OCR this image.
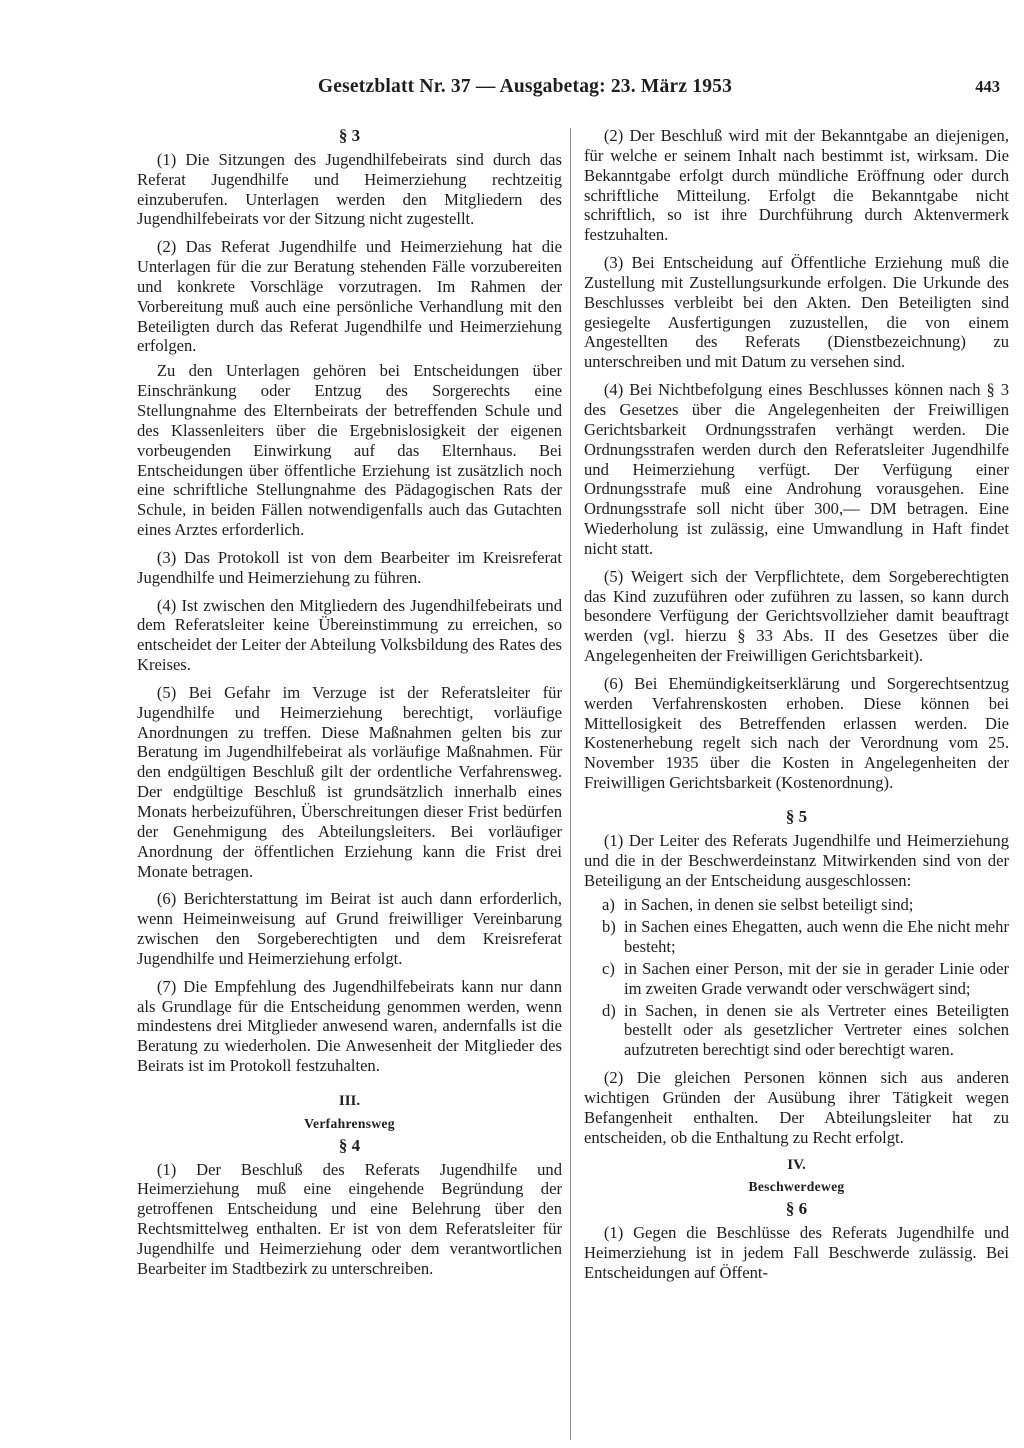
Gesetzblatt Nr. 37 — Ausgabetag: 23. März 1953	443
§ 3

(1) Die Sitzungen des Jugendhilfebeirats sind durch das Referat Jugendhilfe und Heimerziehung rechtzeitig einzuberufen. Unterlagen werden den Mitgliedern des Jugendhilfebeirats vor der Sitzung nicht zugestellt.

(2) Das Referat Jugendhilfe und Heimerziehung hat die Unterlagen für die zur Beratung stehenden Fälle vorzubereiten und konkrete Vorschläge vorzutragen. Im Rahmen der Vorbereitung muß auch eine persönliche Verhandlung mit den Beteiligten durch das Referat Jugendhilfe und Heimerziehung erfolgen.

Zu den Unterlagen gehören bei Entscheidungen über Einschränkung oder Entzug des Sorgerechts eine Stellungnahme des Elternbeirats der betreffenden Schule und des Klassenleiters über die Ergebnislosigkeit der eigenen vorbeugenden Einwirkung auf das Elternhaus. Bei Entscheidungen über öffentliche Erziehung ist zusätzlich noch eine schriftliche Stellungnahme des Pädagogischen Rats der Schule, in beiden Fällen notwendigenfalls auch das Gutachten eines Arztes erforderlich.

(3) Das Protokoll ist von dem Bearbeiter im Kreisreferat Jugendhilfe und Heimerziehung zu führen.

(4) Ist zwischen den Mitgliedern des Jugendhilfebeirats und dem Referatsleiter keine Übereinstimmung zu erreichen, so entscheidet der Leiter der Abteilung Volksbildung des Rates des Kreises.

(5) Bei Gefahr im Verzuge ist der Referatsleiter für Jugendhilfe und Heimerziehung berechtigt, vorläufige Anordnungen zu treffen. Diese Maßnahmen gelten bis zur Beratung im Jugendhilfebeirat als vorläufige Maßnahmen. Für den endgültigen Beschluß gilt der ordentliche Verfahrensweg. Der endgültige Beschluß ist grundsätzlich innerhalb eines Monats herbeizuführen, Überschreitungen dieser Frist bedürfen der Genehmigung des Abteilungsleiters. Bei vorläufiger Anordnung der öffentlichen Erziehung kann die Frist drei Monate betragen.

(6) Berichterstattung im Beirat ist auch dann erforderlich, wenn Heimeinweisung auf Grund freiwilliger Vereinbarung zwischen den Sorgeberechtigten und dem Kreisreferat Jugendhilfe und Heimerziehung erfolgt.

(7) Die Empfehlung des Jugendhilfebeirats kann nur dann als Grundlage für die Entscheidung genommen werden, wenn mindestens drei Mitglieder anwesend waren, andernfalls ist die Beratung zu wiederholen. Die Anwesenheit der Mitglieder des Beirats ist im Protokoll festzuhalten.

III.
Verfahrensweg
§ 4

(1) Der Beschluß des Referats Jugendhilfe und Heimerziehung muß eine eingehende Begründung der getroffenen Entscheidung und eine Belehrung über den Rechtsmittelweg enthalten. Er ist von dem Referatsleiter für Jugendhilfe und Heimerziehung oder dem verantwortlichen Bearbeiter im Stadtbezirk zu unterschreiben.

(2) Der Beschluß wird mit der Bekanntgabe an diejenigen, für welche er seinem Inhalt nach bestimmt ist, wirksam. Die Bekanntgabe erfolgt durch mündliche Eröffnung oder durch schriftliche Mitteilung. Erfolgt die Bekanntgabe nicht schriftlich, so ist ihre Durchführung durch Aktenvermerk festzuhalten.

(3) Bei Entscheidung auf Öffentliche Erziehung muß die Zustellung mit Zustellungsurkunde erfolgen. Die Urkunde des Beschlusses verbleibt bei den Akten. Den Beteiligten sind gesiegelte Ausfertigungen zuzustellen, die von einem Angestellten des Referats (Dienstbezeichnung) zu unterschreiben und mit Datum zu versehen sind.

(4) Bei Nichtbefolgung eines Beschlusses können nach § 3 des Gesetzes über die Angelegenheiten der Freiwilligen Gerichtsbarkeit Ordnungsstrafen verhängt werden. Die Ordnungsstrafen werden durch den Referatsleiter Jugendhilfe und Heimerziehung verfügt. Der Verfügung einer Ordnungsstrafe muß eine Androhung vorausgehen. Eine Ordnungsstrafe soll nicht über 300,— DM betragen. Eine Wiederholung ist zulässig, eine Umwandlung in Haft findet nicht statt.

(5) Weigert sich der Verpflichtete, dem Sorgeberechtigten das Kind zuzuführen oder zuführen zu lassen, so kann durch besondere Verfügung der Gerichtsvollzieher damit beauftragt werden (vgl. hierzu § 33 Abs. II des Gesetzes über die Angelegenheiten der Freiwilligen Gerichtsbarkeit).

(6) Bei Ehemündigkeitserklärung und Sorgerechtsentzug werden Verfahrenskosten erhoben. Diese können bei Mittellosigkeit des Betreffenden erlassen werden. Die Kostenerhebung regelt sich nach der Verordnung vom 25. November 1935 über die Kosten in Angelegenheiten der Freiwilligen Gerichtsbarkeit (Kostenordnung).

§ 5

(1) Der Leiter des Referats Jugendhilfe und Heimerziehung und die in der Beschwerdeinstanz Mitwirkenden sind von der Beteiligung an der Entscheidung ausgeschlossen:

a) in Sachen, in denen sie selbst beteiligt sind;
b) in Sachen eines Ehegatten, auch wenn die Ehe nicht mehr besteht;
c) in Sachen einer Person, mit der sie in gerader Linie oder im zweiten Grade verwandt oder verschwägert sind;
d) in Sachen, in denen sie als Vertreter eines Beteiligten bestellt oder als gesetzlicher Vertreter eines solchen aufzutreten berechtigt sind oder berechtigt waren.

(2) Die gleichen Personen können sich aus anderen wichtigen Gründen der Ausübung ihrer Tätigkeit wegen Befangenheit enthalten. Der Abteilungsleiter hat zu entscheiden, ob die Enthaltung zu Recht erfolgt.

IV.
Beschwerdeweg
§ 6

(1) Gegen die Beschlüsse des Referats Jugendhilfe und Heimerziehung ist in jedem Fall Beschwerde zulässig. Bei Entscheidungen auf Öffent-
